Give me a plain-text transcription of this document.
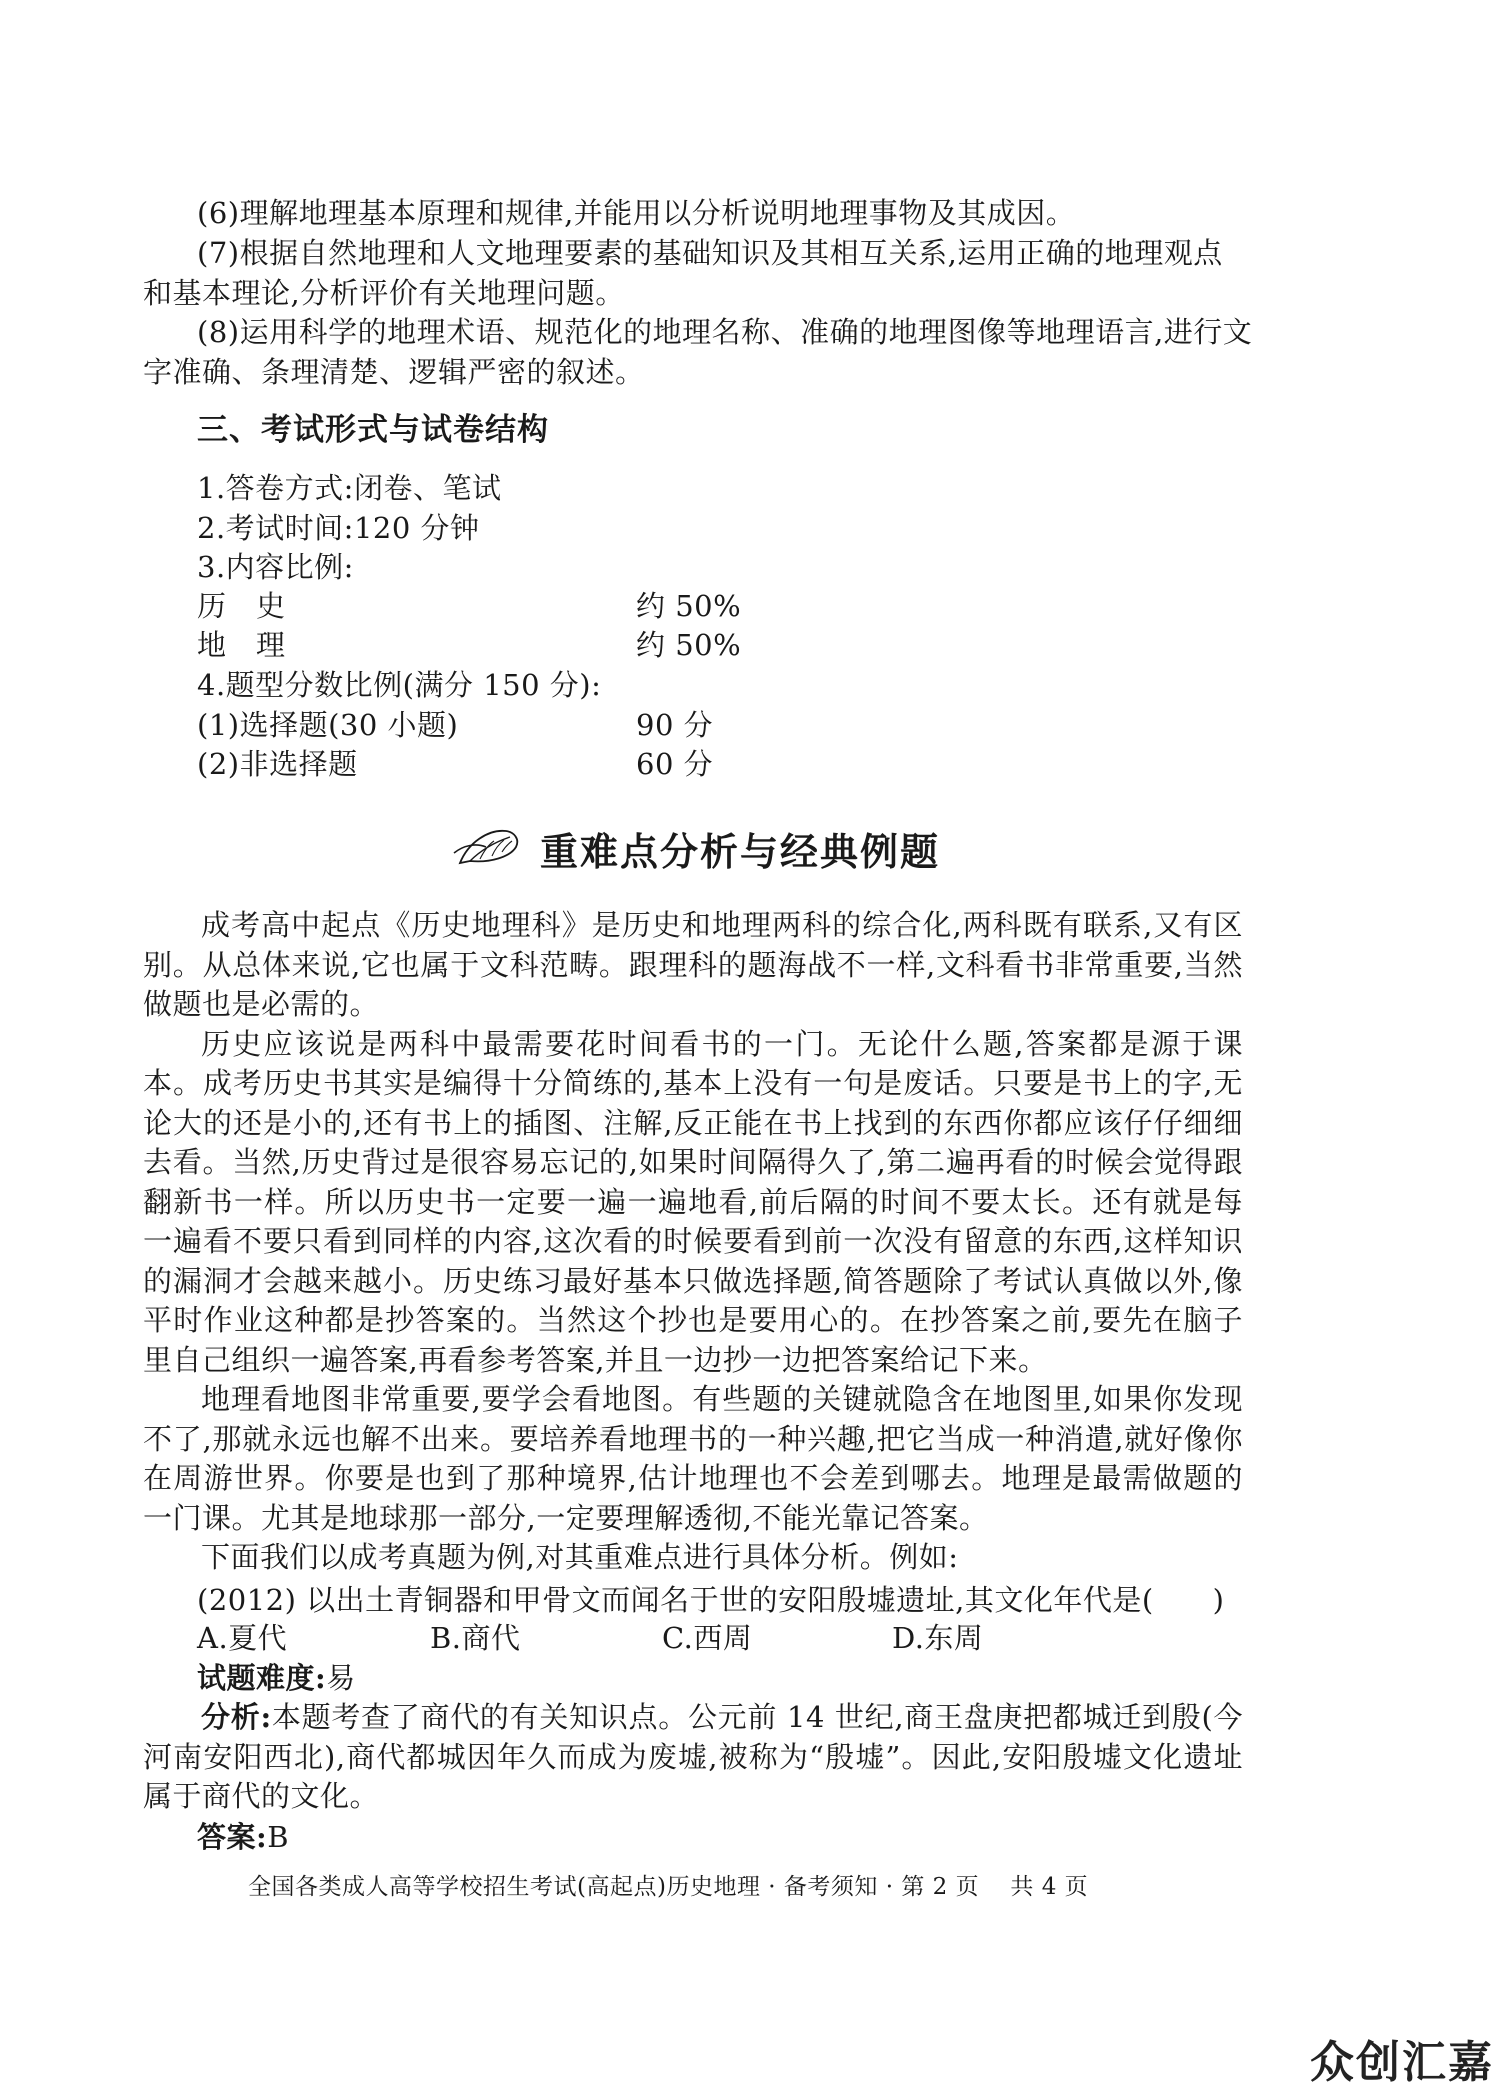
(6)理解地理基本原理和规律,并能用以分析说明地理事物及其成因。
(7)根据自然地理和人文地理要素的基础知识及其相互关系,运用正确的地理观点
和基本理论,分析评价有关地理问题。
(8)运用科学的地理术语、规范化的地理名称、准确的地理图像等地理语言,进行文
字准确、条理清楚、逻辑严密的叙述。
三、考试形式与试卷结构
1.答卷方式:闭卷、笔试
2.考试时间:120 分钟
3.内容比例:
历　史	约 50%
地　理	约 50%
4.题型分数比例(满分 150 分):
(1)选择题(30 小题)	90 分
(2)非选择题	60 分
重难点分析与经典例题

成考高中起点《历史地理科》是历史和地理两科的综合化,两科既有联系,又有区别。从总体来说,它也属于文科范畴。跟理科的题海战不一样,文科看书非常重要,当然做题也是必需的。

历史应该说是两科中最需要花时间看书的一门。无论什么题,答案都是源于课本。成考历史书其实是编得十分简练的,基本上没有一句是废话。只要是书上的字,无论大的还是小的,还有书上的插图、注解,反正能在书上找到的东西你都应该仔仔细细去看。当然,历史背过是很容易忘记的,如果时间隔得久了,第二遍再看的时候会觉得跟翻新书一样。所以历史书一定要一遍一遍地看,前后隔的时间不要太长。还有就是每一遍看不要只看到同样的内容,这次看的时候要看到前一次没有留意的东西,这样知识的漏洞才会越来越小。历史练习最好基本只做选择题,简答题除了考试认真做以外,像平时作业这种都是抄答案的。当然这个抄也是要用心的。在抄答案之前,要先在脑子里自己组织一遍答案,再看参考答案,并且一边抄一边把答案给记下来。

地理看地图非常重要,要学会看地图。有些题的关键就隐含在地图里,如果你发现不了,那就永远也解不出来。要培养看地理书的一种兴趣,把它当成一种消遣,就好像你在周游世界。你要是也到了那种境界,估计地理也不会差到哪去。地理是最需做题的一门课。尤其是地球那一部分,一定要理解透彻,不能光靠记答案。

下面我们以成考真题为例,对其重难点进行具体分析。例如:

(2012) 以出土青铜器和甲骨文而闻名于世的安阳殷墟遗址,其文化年代是(　　)
A.夏代	B.商代	C.西周	D.东周
试题难度:易

分析:本题考查了商代的有关知识点。公元前 14 世纪,商王盘庚把都城迁到殷(今河南安阳西北),商代都城因年久而成为废墟,被称为“殷墟”。因此,安阳殷墟文化遗址属于商代的文化。

答案:B
全国各类成人高等学校招生考试(高起点)历史地理 · 备考须知 · 第 2 页　 共 4 页
众创汇嘉
